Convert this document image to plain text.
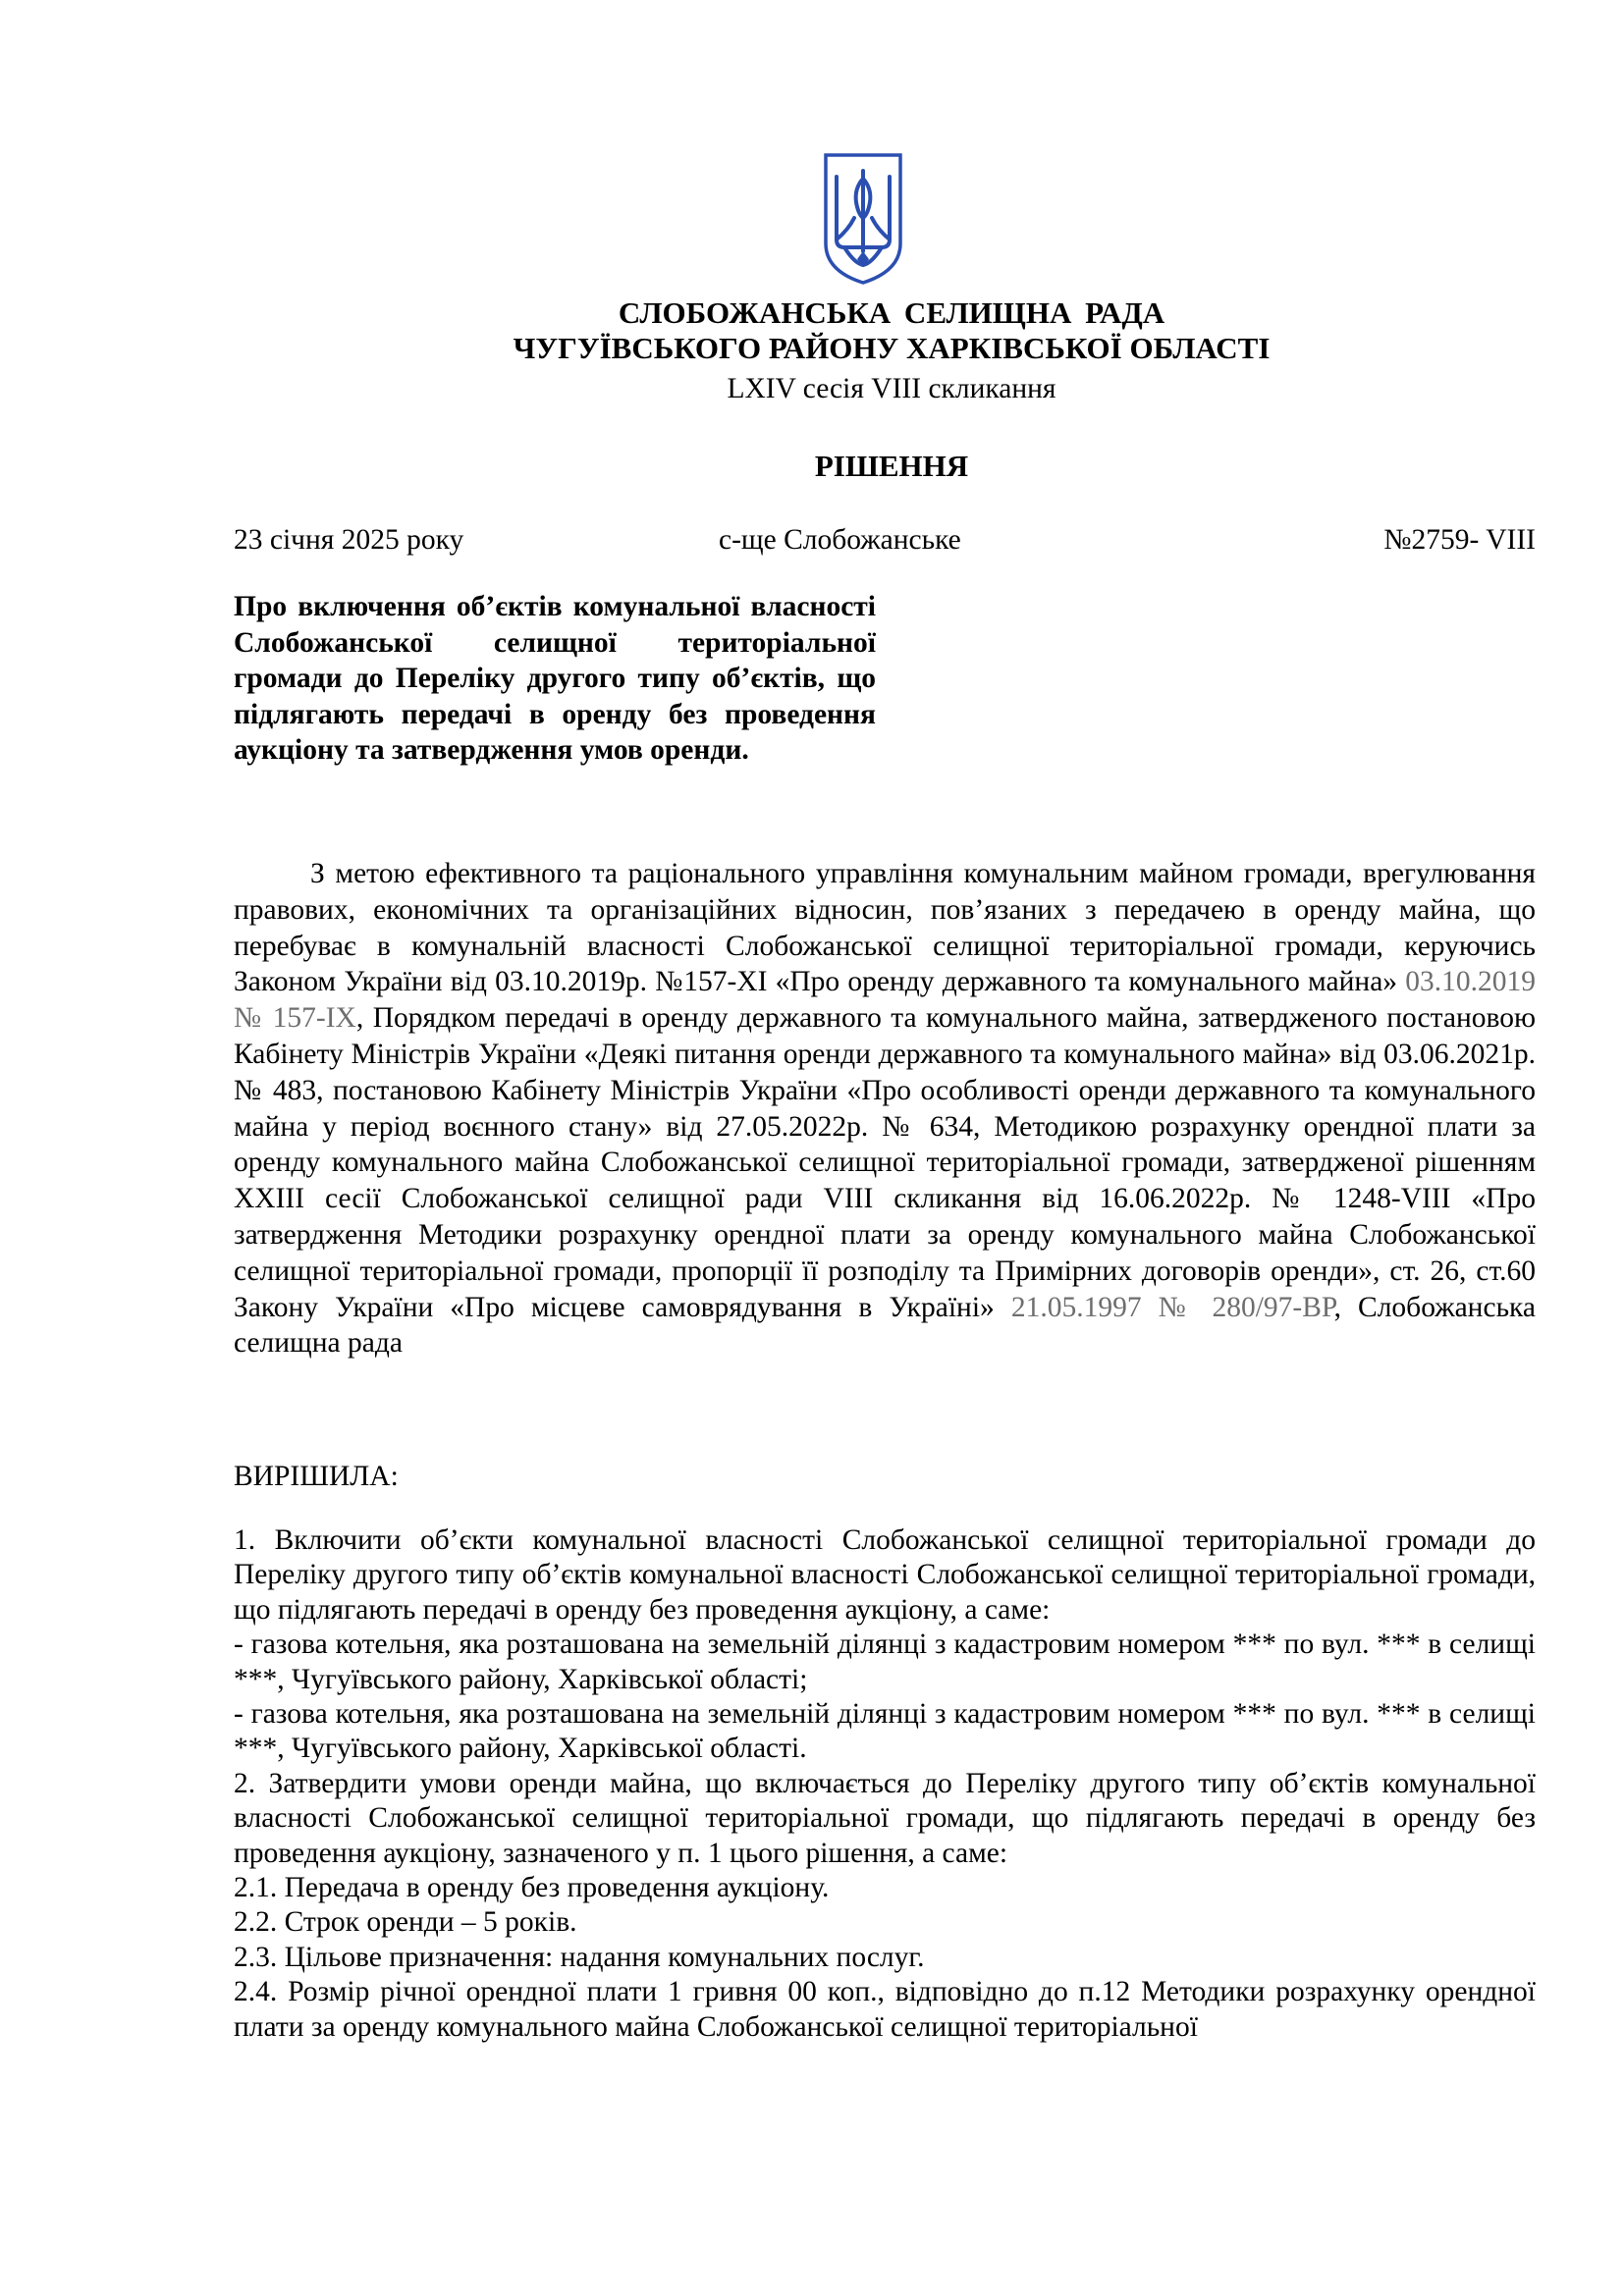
СЛОБОЖАНСЬКА СЕЛИЩНА РАДА
ЧУГУЇВСЬКОГО РАЙОНУ ХАРКІВСЬКОЇ ОБЛАСТІ
LXIV сесія VIII скликання
РІШЕННЯ
23 січня 2025 року	с-ще Слобожанське	№2759- VIII
Про включення об’єктів комунальної власності Слобожанської селищної територіальної громади до Переліку другого типу об’єктів, що підлягають передачі в оренду без проведення аукціону та затвердження умов оренди.
З метою ефективного та раціонального управління комунальним майном громади, врегулювання правових, економічних та організаційних відносин, пов’язаних з передачею в оренду майна, що перебуває в комунальній власності Слобожанської селищної територіальної громади, керуючись Законом України від 03.10.2019р. №157-ХІ «Про оренду державного та комунального майна» 03.10.2019 № 157-IX, Порядком передачі в оренду державного та комунального майна, затвердженого постановою Кабінету Міністрів України «Деякі питання оренди державного та комунального майна» від 03.06.2021р. № 483, постановою Кабінету Міністрів України «Про особливості оренди державного та комунального майна у період воєнного стану» від 27.05.2022р. № 634, Методикою розрахунку орендної плати за оренду комунального майна Слобожанської селищної територіальної громади, затвердженої рішенням ХХІІІ сесії Слобожанської селищної ради VIII скликання від 16.06.2022р. № 1248-VIII «Про затвердження Методики розрахунку орендної плати за оренду комунального майна Слобожанської селищної територіальної громади, пропорції її розподілу та Примірних договорів оренди», ст. 26, ст.60 Закону України «Про місцеве самоврядування в Україні» 21.05.1997 № 280/97-ВР, Слобожанська селищна рада
ВИРІШИЛА:

1. Включити об’єкти комунальної власності Слобожанської селищної територіальної громади до Переліку другого типу об’єктів комунальної власності Слобожанської селищної територіальної громади, що підлягають передачі в оренду без проведення аукціону, а саме:

- газова котельня, яка розташована на земельній ділянці з кадастровим номером *** по вул. *** в селищі ***, Чугуївського району, Харківської області;

- газова котельня, яка розташована на земельній ділянці з кадастровим номером *** по вул. *** в селищі ***, Чугуївського району, Харківської області.

2. Затвердити умови оренди майна, що включається до Переліку другого типу об’єктів комунальної власності Слобожанської селищної територіальної громади, що підлягають передачі в оренду без проведення аукціону, зазначеного у п. 1 цього рішення, а саме:

2.1. Передача в оренду без проведення аукціону.

2.2. Строк оренди – 5 років.

2.3. Цільове призначення: надання комунальних послуг.

2.4. Розмір річної орендної плати 1 гривня 00 коп., відповідно до п.12 Методики розрахунку орендної плати за оренду комунального майна Слобожанської селищної територіальної
